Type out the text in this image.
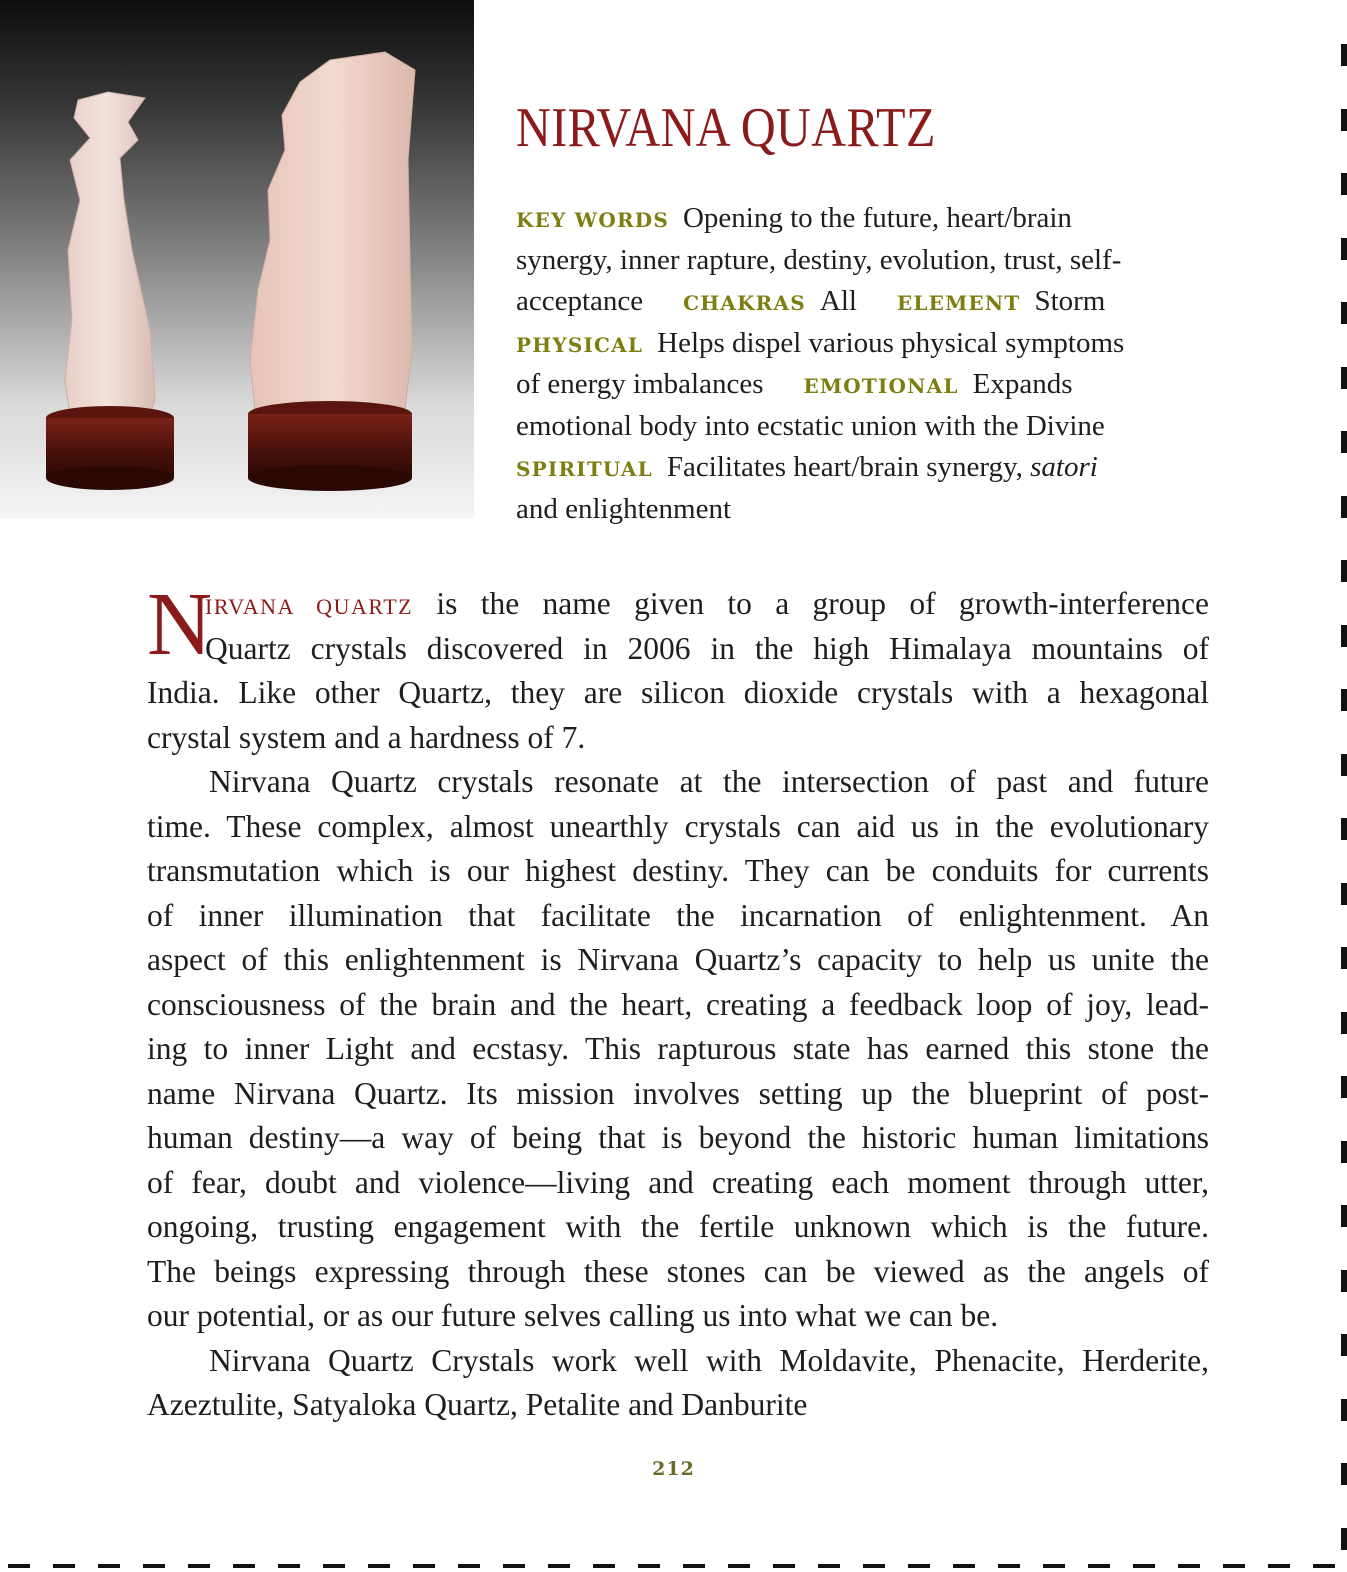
NIRVANA QUARTZ
KEY WORDS Opening to the future, heart/brain
synergy, inner rapture, destiny, evolution, trust, self-
acceptance CHAKRAS All ELEMENT Storm
PHYSICAL Helps dispel various physical symptoms
of energy imbalances EMOTIONAL Expands
emotional body into ecstatic union with the Divine
SPIRITUAL Facilitates heart/brain synergy, satori
and enlightenment
N
IRVANA QUARTZ is the name given to a group of growth-interference
Quartz crystals discovered in 2006 in the high Himalaya mountains of
India. Like other Quartz, they are silicon dioxide crystals with a hexagonal
crystal system and a hardness of 7.
Nirvana Quartz crystals resonate at the intersection of past and future
time. These complex, almost unearthly crystals can aid us in the evolutionary
transmutation which is our highest destiny. They can be conduits for currents
of inner illumination that facilitate the incarnation of enlightenment. An
aspect of this enlightenment is Nirvana Quartz’s capacity to help us unite the
consciousness of the brain and the heart, creating a feedback loop of joy, lead-
ing to inner Light and ecstasy. This rapturous state has earned this stone the
name Nirvana Quartz. Its mission involves setting up the blueprint of post-
human destiny—a way of being that is beyond the historic human limitations
of fear, doubt and violence—living and creating each moment through utter,
ongoing, trusting engagement with the fertile unknown which is the future.
The beings expressing through these stones can be viewed as the angels of
our potential, or as our future selves calling us into what we can be.
Nirvana Quartz Crystals work well with Moldavite, Phenacite, Herderite,
Azeztulite, Satyaloka Quartz, Petalite and Danburite
212
